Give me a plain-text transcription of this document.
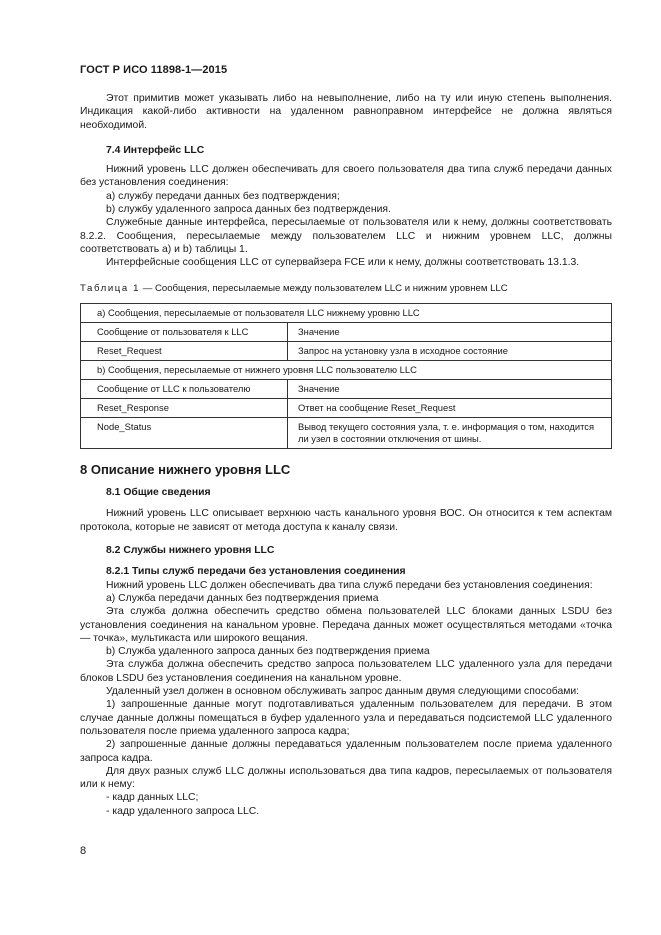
ГОСТ Р ИСО 11898-1—2015

Этот примитив может указывать либо на невыполнение, либо на ту или иную степень выполнения. Индикация какой-либо активности на удаленном равноправном интерфейсе не должна являться необходимой.

7.4 Интерфейс LLC

Нижний уровень LLC должен обеспечивать для своего пользователя два типа служб передачи данных без установления соединения:

а) службу передачи данных без подтверждения;

b) службу удаленного запроса данных без подтверждения.

Служебные данные интерфейса, пересылаемые от пользователя или к нему, должны соответствовать 8.2.2. Сообщения, пересылаемые между пользователем LLC и нижним уровнем LLC, должны соответствовать а) и b) таблицы 1.

Интерфейсные сообщения LLC от супервайзера FCE или к нему, должны соответствовать 13.1.3.

Таблица 1 — Сообщения, пересылаемые между пользователем LLC и нижним уровнем LLC
а) Сообщения, пересылаемые от пользователя LLC нижнему уровню LLC	
Сообщение от пользователя к LLC	Значение
Reset_Request	Запрос на установку узла в исходное состояние
b) Сообщения, пересылаемые от нижнего уровня LLC пользователю LLC	
Сообщение от LLC к пользователю	Значение
Reset_Response	Ответ на сообщение Reset_Request
Node_Status	Вывод текущего состояния узла, т. е. информация о том, находится ли узел в состоянии отключения от шины.
8 Описание нижнего уровня LLC
8.1 Общие сведения

Нижний уровень LLC описывает верхнюю часть канального уровня ВОС. Он относится к тем аспектам протокола, которые не зависят от метода доступа к каналу связи.

8.2 Службы нижнего уровня LLC
8.2.1 Типы служб передачи без установления соединения

Нижний уровень LLC должен обеспечивать два типа служб передачи без установления соединения:

а) Служба передачи данных без подтверждения приема

Эта служба должна обеспечить средство обмена пользователей LLC блоками данных LSDU без установления соединения на канальном уровне. Передача данных может осуществляться методами «точка — точка», мультикаста или широкого вещания.

b) Служба удаленного запроса данных без подтверждения приема

Эта служба должна обеспечить средство запроса пользователем LLC удаленного узла для передачи блоков LSDU без установления соединения на канальном уровне.

Удаленный узел должен в основном обслуживать запрос данным двумя следующими способами:

1) запрошенные данные могут подготавливаться удаленным пользователем для передачи. В этом случае данные должны помещаться в буфер удаленного узла и передаваться подсистемой LLC удаленного пользователя после приема удаленного запроса кадра;

2) запрошенные данные должны передаваться удаленным пользователем после приема удаленного запроса кадра.

Для двух разных служб LLC должны использоваться два типа кадров, пересылаемых от пользователя или к нему:

- кадр данных LLC;

- кадр удаленного запроса LLC.

8
